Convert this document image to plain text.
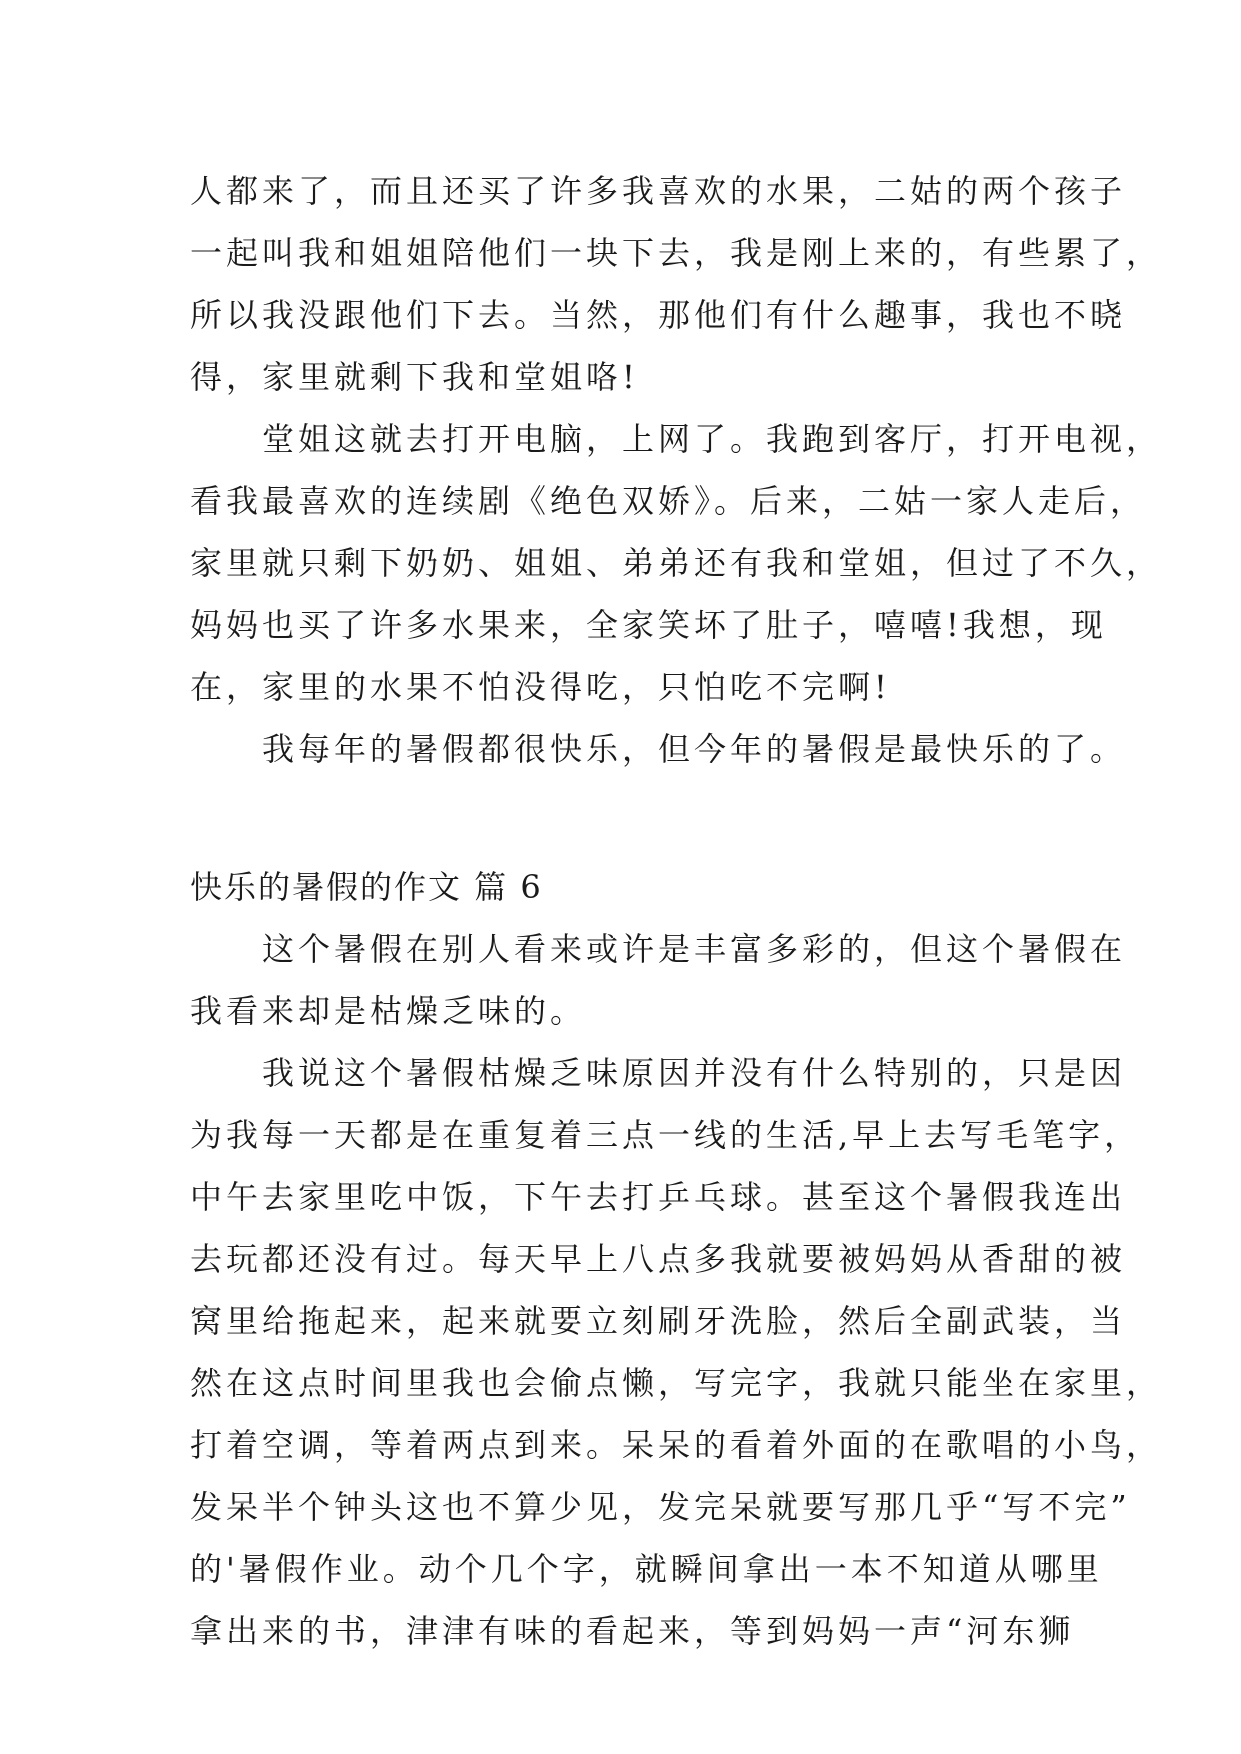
人都来了，而且还买了许多我喜欢的水果，二姑的两个孩子

一起叫我和姐姐陪他们一块下去，我是刚上来的，有些累了，

所以我没跟他们下去。当然，那他们有什么趣事，我也不晓

得，家里就剩下我和堂姐咯!

　　堂姐这就去打开电脑，上网了。我跑到客厅，打开电视，

看我最喜欢的连续剧《绝色双娇》。后来，二姑一家人走后，

家里就只剩下奶奶、姐姐、弟弟还有我和堂姐，但过了不久，

妈妈也买了许多水果来，全家笑坏了肚子，嘻嘻!我想，现

在，家里的水果不怕没得吃，只怕吃不完啊!

　　我每年的暑假都很快乐，但今年的暑假是最快乐的了。

快乐的暑假的作文 篇 6

　　这个暑假在别人看来或许是丰富多彩的，但这个暑假在

我看来却是枯燥乏味的。

　　我说这个暑假枯燥乏味原因并没有什么特别的，只是因

为我每一天都是在重复着三点一线的生活,早上去写毛笔字，

中午去家里吃中饭，下午去打乒乓球。甚至这个暑假我连出

去玩都还没有过。每天早上八点多我就要被妈妈从香甜的被

窝里给拖起来，起来就要立刻刷牙洗脸，然后全副武装，当

然在这点时间里我也会偷点懒，写完字，我就只能坐在家里，

打着空调，等着两点到来。呆呆的看着外面的在歌唱的小鸟，

发呆半个钟头这也不算少见，发完呆就要写那几乎“写不完”

的'暑假作业。动个几个字，就瞬间拿出一本不知道从哪里

拿出来的书，津津有味的看起来，等到妈妈一声“河东狮
